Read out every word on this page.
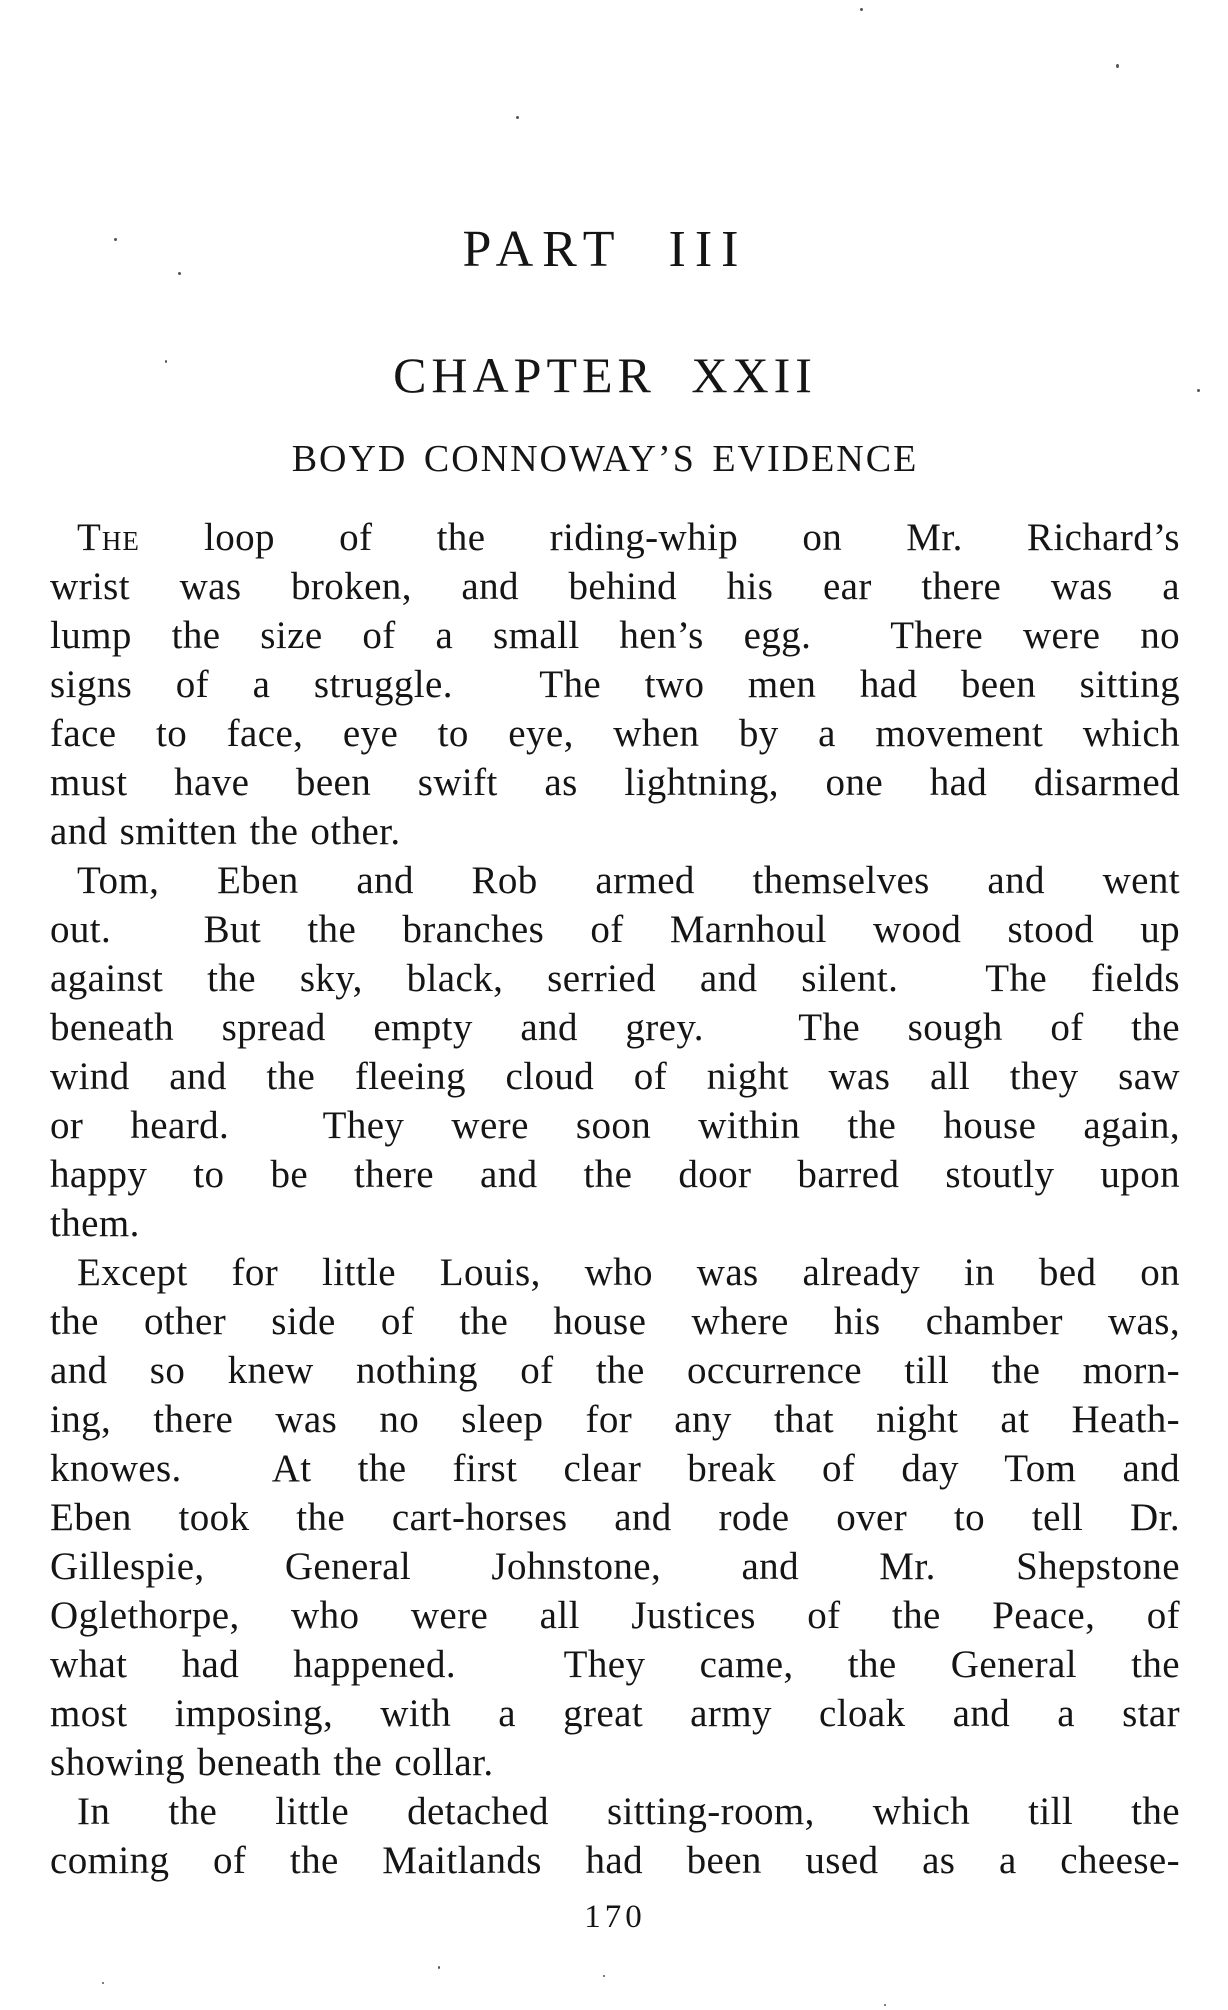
PART III
CHAPTER XXII
BOYD CONNOWAY’S EVIDENCE
The loop of the riding-whip on Mr. Richard’s
wrist was broken, and behind his ear there was a
lump the size of a small hen’s egg.  There were no
signs of a struggle.  The two men had been sitting
face to face, eye to eye, when by a movement which
must have been swift as lightning, one had disarmed
and smitten the other.
Tom, Eben and Rob armed themselves and went
out.  But the branches of Marnhoul wood stood up
against the sky, black, serried and silent.  The fields
beneath spread empty and grey.  The sough of the
wind and the fleeing cloud of night was all they saw
or heard.  They were soon within the house again,
happy to be there and the door barred stoutly upon
them.
Except for little Louis, who was already in bed on
the other side of the house where his chamber was,
and so knew nothing of the occurrence till the morn-
ing, there was no sleep for any that night at Heath-
knowes.  At the first clear break of day Tom and
Eben took the cart-horses and rode over to tell Dr.
Gillespie, General Johnstone, and Mr. Shepstone
Oglethorpe, who were all Justices of the Peace, of
what had happened.  They came, the General the
most imposing, with a great army cloak and a star
showing beneath the collar.
In the little detached sitting-room, which till the
coming of the Maitlands had been used as a cheese-
170
